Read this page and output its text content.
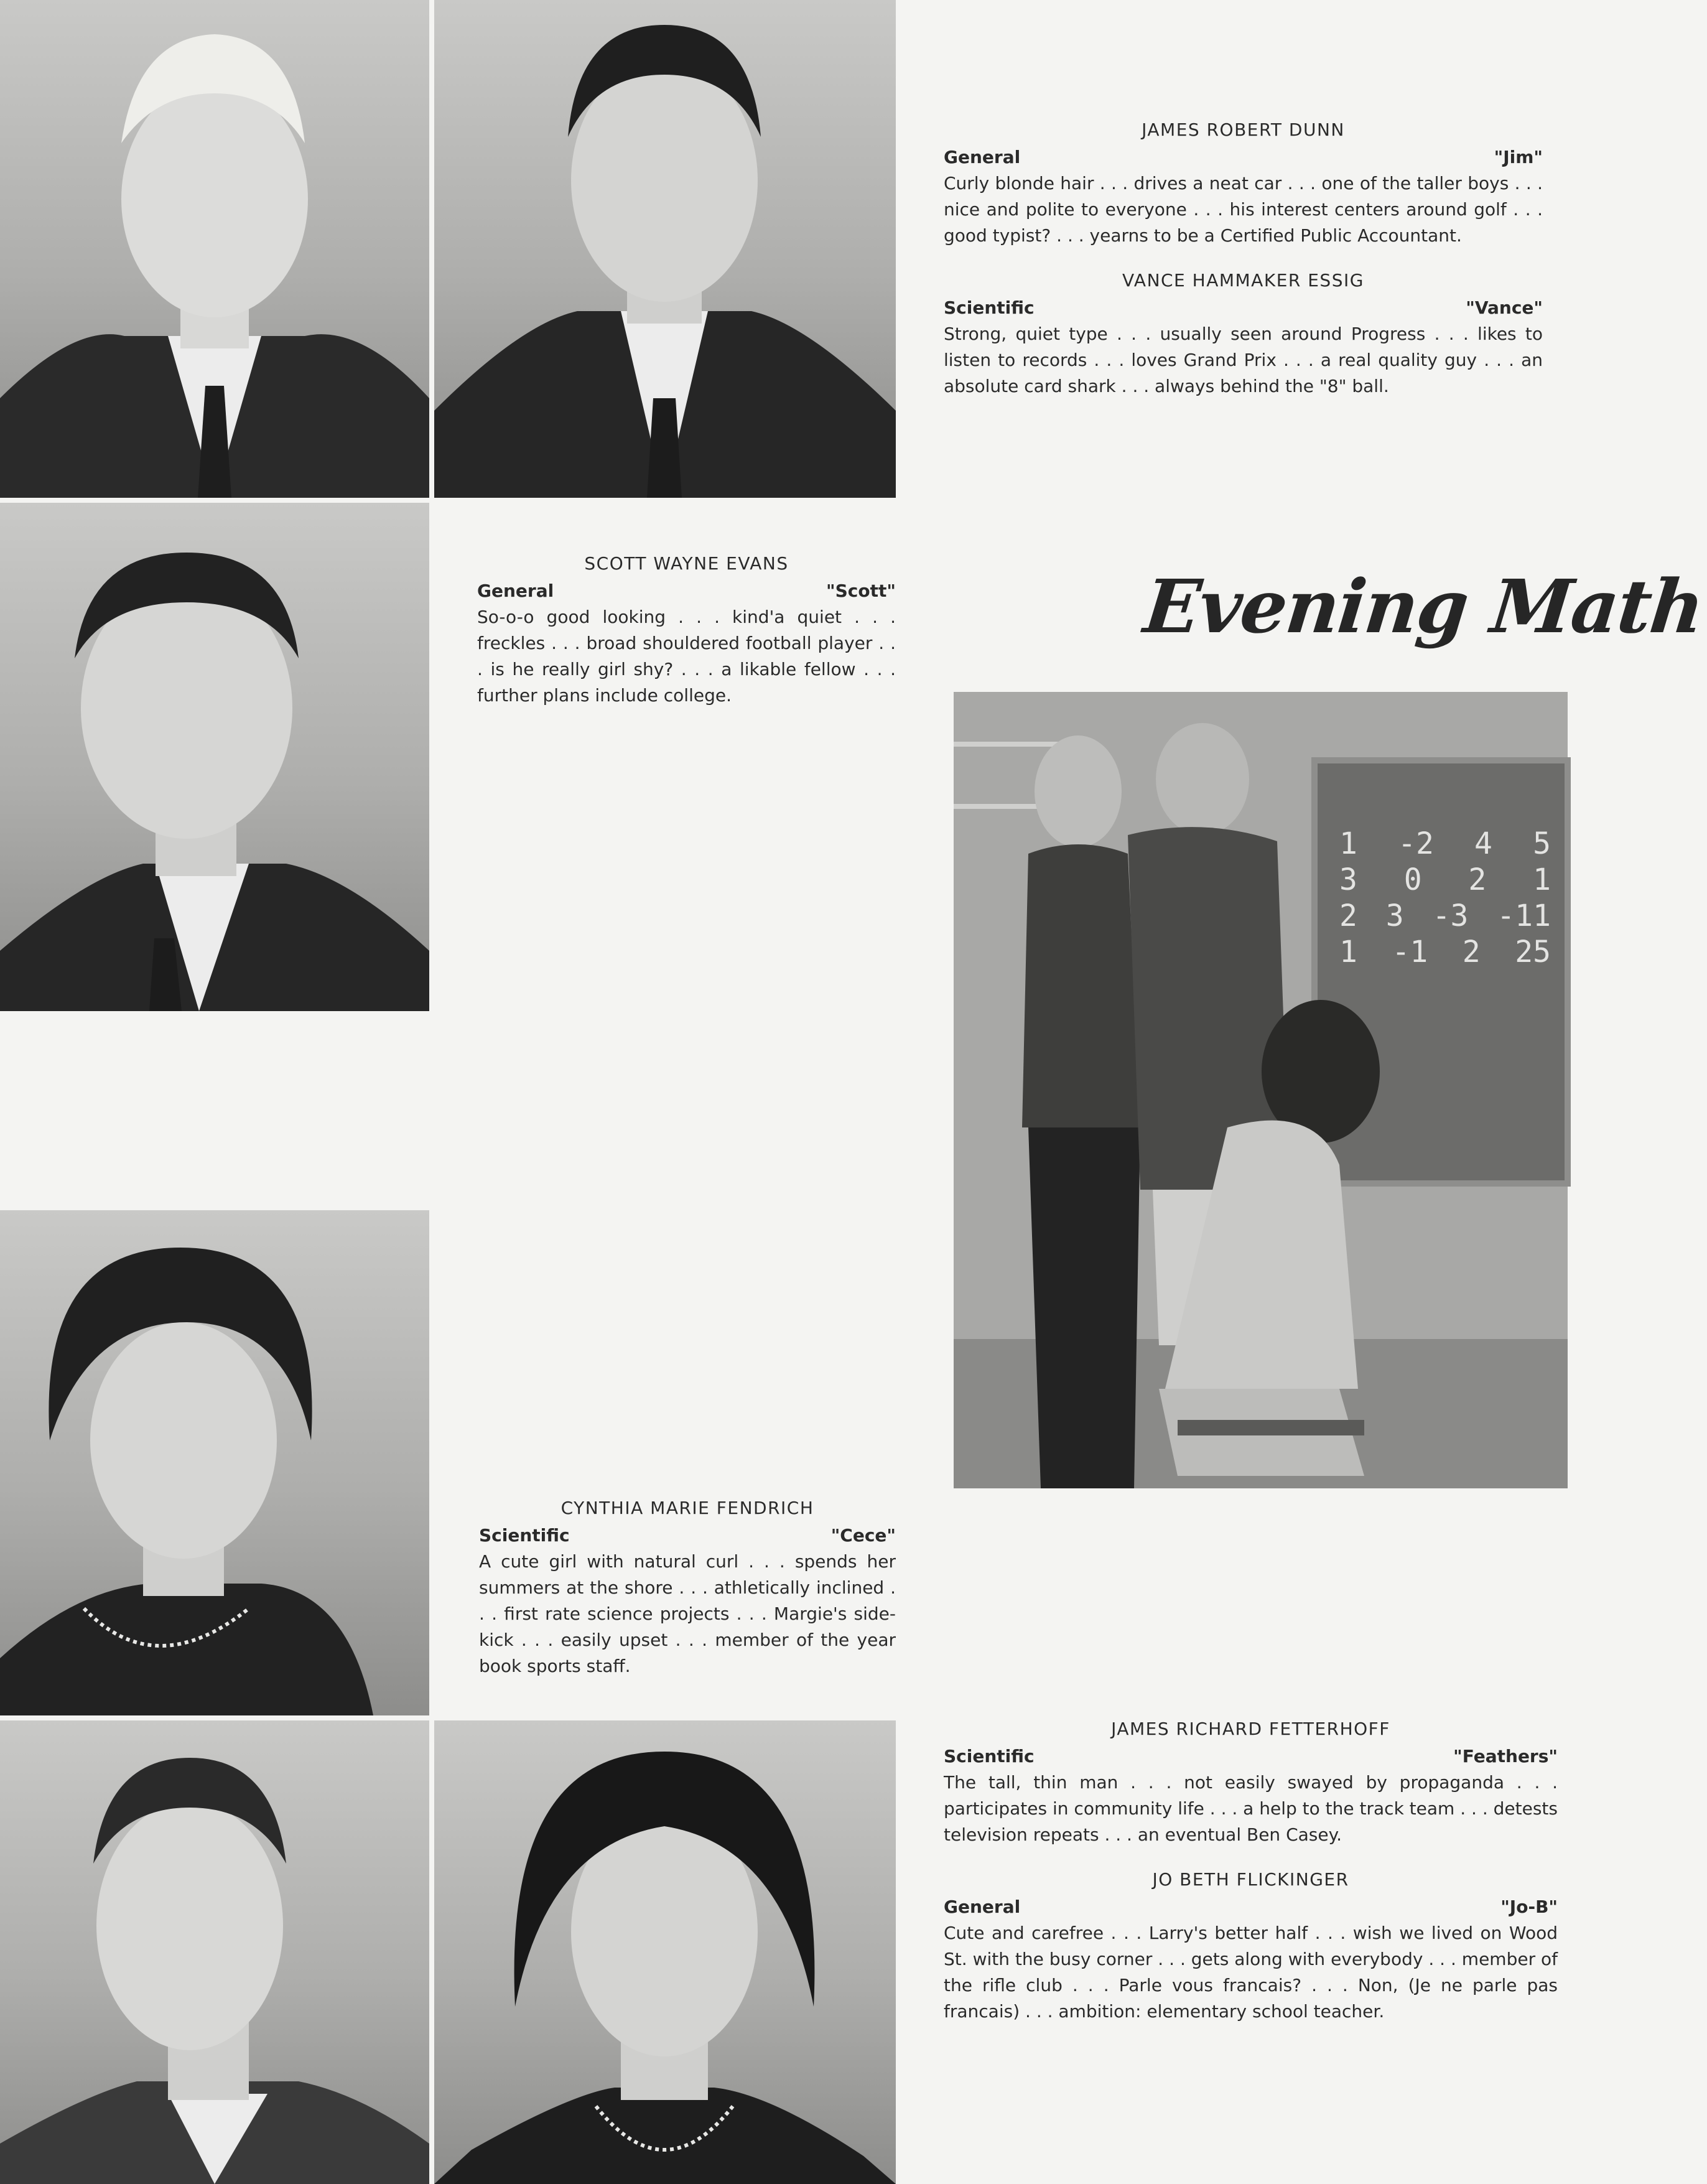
Evening Math
1 -2 4 5
3 0 2 1
2 3 -3 -11
1 -1 2 25
JAMES ROBERT DUNN
General	"Jim"
Curly blonde hair . . . drives a neat car . . . one of the taller boys . . . nice and polite to everyone . . . his interest centers around golf . . . good typist? . . . yearns to be a Certified Public Accountant.
VANCE HAMMAKER ESSIG
Scientific	"Vance"
Strong, quiet type . . . usually seen around Progress . . . likes to listen to records . . . loves Grand Prix . . . a real quality guy . . . an absolute card shark . . . always behind the "8" ball.
SCOTT WAYNE EVANS
General	"Scott"
So-o-o good looking . . . kind'a quiet . . . freckles . . . broad shouldered football player . . . is he really girl shy? . . . a likable fellow . . . further plans include college.
CYNTHIA MARIE FENDRICH
Scientific	"Cece"
A cute girl with natural curl . . . spends her summers at the shore . . . athletically inclined . . . first rate science projects . . . Margie's side-kick . . . easily upset . . . member of the year book sports staff.
JAMES RICHARD FETTERHOFF
Scientific	"Feathers"
The tall, thin man . . . not easily swayed by propaganda . . . participates in community life . . . a help to the track team . . . detests television repeats . . . an eventual Ben Casey.
JO BETH FLICKINGER
General	"Jo-B"
Cute and carefree . . . Larry's better half . . . wish we lived on Wood St. with the busy corner . . . gets along with everybody . . . member of the rifle club . . . Parle vous francais? . . . Non, (Je ne parle pas francais) . . . ambition: elementary school teacher.
